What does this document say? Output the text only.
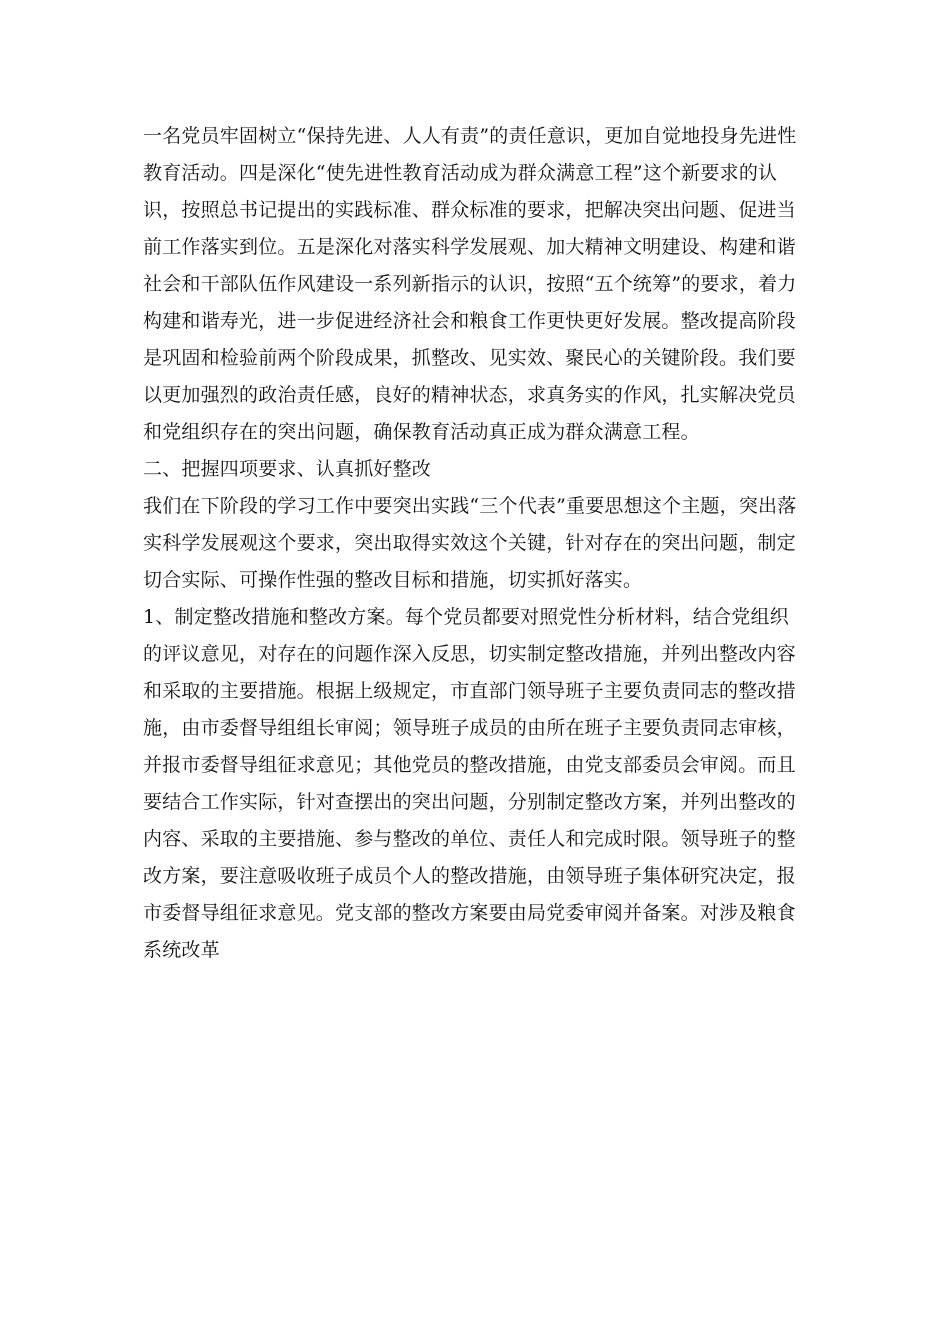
一名党员牢固树立“保持先进、人人有责”的责任意识，更加自觉地投身先进性教育活动。四是深化“使先进性教育活动成为群众满意工程”这个新要求的认识，按照总书记提出的实践标准、群众标准的要求，把解决突出问题、促进当前工作落实到位。五是深化对落实科学发展观、加大精神文明建设、构建和谐社会和干部队伍作风建设一系列新指示的认识，按照“五个统筹”的要求，着力构建和谐寿光，进一步促进经济社会和粮食工作更快更好发展。整改提高阶段是巩固和检验前两个阶段成果，抓整改、见实效、聚民心的关键阶段。我们要以更加强烈的政治责任感，良好的精神状态，求真务实的作风，扎实解决党员和党组织存在的突出问题，确保教育活动真正成为群众满意工程。

二、把握四项要求、认真抓好整改

我们在下阶段的学习工作中要突出实践“三个代表”重要思想这个主题，突出落实科学发展观这个要求，突出取得实效这个关键，针对存在的突出问题，制定切合实际、可操作性强的整改目标和措施，切实抓好落实。

1、制定整改措施和整改方案。每个党员都要对照党性分析材料，结合党组织的评议意见，对存在的问题作深入反思，切实制定整改措施，并列出整改内容和采取的主要措施。根据上级规定，市直部门领导班子主要负责同志的整改措施，由市委督导组组长审阅；领导班子成员的由所在班子主要负责同志审核，并报市委督导组征求意见；其他党员的整改措施，由党支部委员会审阅。而且要结合工作实际，针对查摆出的突出问题，分别制定整改方案，并列出整改的内容、采取的主要措施、参与整改的单位、责任人和完成时限。领导班子的整改方案，要注意吸收班子成员个人的整改措施，由领导班子集体研究决定，报市委督导组征求意见。党支部的整改方案要由局党委审阅并备案。对涉及粮食系统改革
